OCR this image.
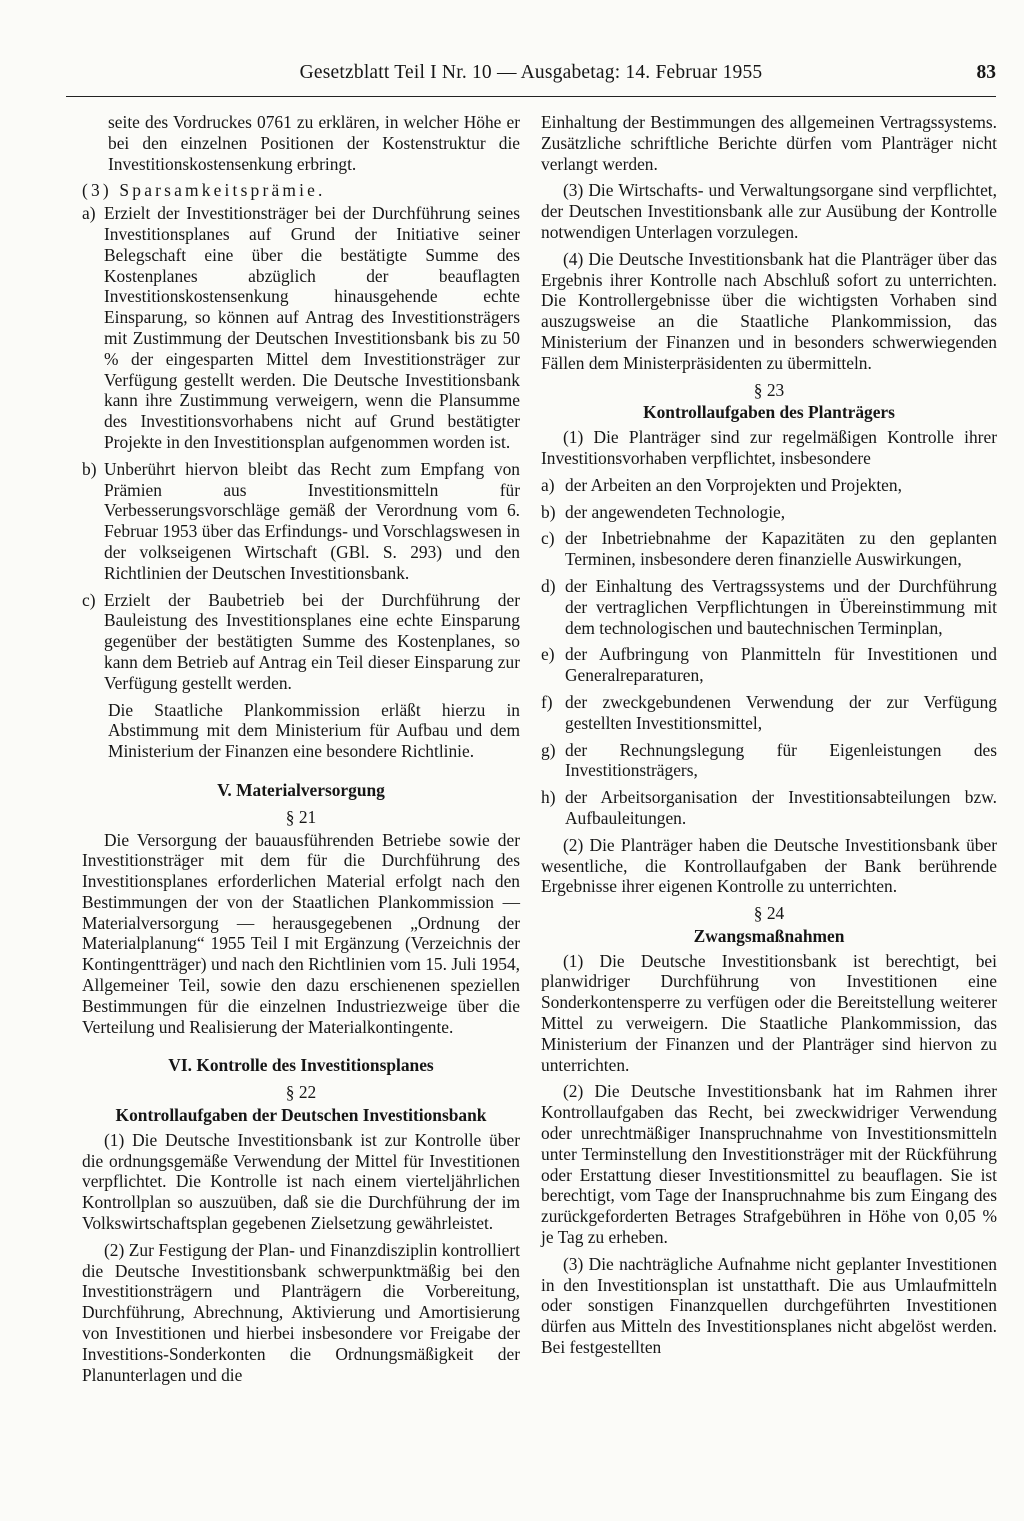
Gesetzblatt Teil I Nr. 10 — Ausgabetag: 14. Februar 1955	83

seite des Vordruckes 0761 zu erklären, in welcher Höhe er bei den einzelnen Positionen der Kostenstruktur die Investitionskostensenkung erbringt.

(3) Sparsamkeitsprämie.

a) Erzielt der Investitionsträger bei der Durchführung seines Investitionsplanes auf Grund der Initiative seiner Belegschaft eine über die bestätigte Summe des Kostenplanes abzüglich der beauflagten Investitionskostensenkung hinausgehende echte Einsparung, so können auf Antrag des Investitionsträgers mit Zustimmung der Deutschen Investitionsbank bis zu 50 % der eingesparten Mittel dem Investitionsträger zur Verfügung gestellt werden. Die Deutsche Investitionsbank kann ihre Zustimmung verweigern, wenn die Plansumme des Investitionsvorhabens nicht auf Grund bestätigter Projekte in den Investitionsplan aufgenommen worden ist.
b) Unberührt hiervon bleibt das Recht zum Empfang von Prämien aus Investitionsmitteln für Verbesserungsvorschläge gemäß der Verordnung vom 6. Februar 1953 über das Erfindungs- und Vorschlagswesen in der volkseigenen Wirtschaft (GBl. S. 293) und den Richtlinien der Deutschen Investitionsbank.
c) Erzielt der Baubetrieb bei der Durchführung der Bauleistung des Investitionsplanes eine echte Einsparung gegenüber der bestätigten Summe des Kostenplanes, so kann dem Betrieb auf Antrag ein Teil dieser Einsparung zur Verfügung gestellt werden.

Die Staatliche Plankommission erläßt hierzu in Abstimmung mit dem Ministerium für Aufbau und dem Ministerium der Finanzen eine besondere Richtlinie.

V. Materialversorgung
§ 21

Die Versorgung der bauausführenden Betriebe sowie der Investitionsträger mit dem für die Durchführung des Investitionsplanes erforderlichen Material erfolgt nach den Bestimmungen der von der Staatlichen Plankommission — Materialversorgung — herausgegebenen „Ordnung der Materialplanung“ 1955 Teil I mit Ergänzung (Verzeichnis der Kontingentträger) und nach den Richtlinien vom 15. Juli 1954, Allgemeiner Teil, sowie den dazu erschienenen speziellen Bestimmungen für die einzelnen Industriezweige über die Verteilung und Realisierung der Materialkontingente.

VI. Kontrolle des Investitionsplanes
§ 22
Kontrollaufgaben der Deutschen Investitionsbank

(1) Die Deutsche Investitionsbank ist zur Kontrolle über die ordnungsgemäße Verwendung der Mittel für Investitionen verpflichtet. Die Kontrolle ist nach einem vierteljährlichen Kontrollplan so auszuüben, daß sie die Durchführung der im Volkswirtschaftsplan gegebenen Zielsetzung gewährleistet.

(2) Zur Festigung der Plan- und Finanzdisziplin kontrolliert die Deutsche Investitionsbank schwerpunktmäßig bei den Investitionsträgern und Planträgern die Vorbereitung, Durchführung, Abrechnung, Aktivierung und Amortisierung von Investitionen und hierbei insbesondere vor Freigabe der Investitions-Sonderkonten die Ordnungsmäßigkeit der Planunterlagen und die

Einhaltung der Bestimmungen des allgemeinen Vertragssystems. Zusätzliche schriftliche Berichte dürfen vom Planträger nicht verlangt werden.

(3) Die Wirtschafts- und Verwaltungsorgane sind verpflichtet, der Deutschen Investitionsbank alle zur Ausübung der Kontrolle notwendigen Unterlagen vorzulegen.

(4) Die Deutsche Investitionsbank hat die Planträger über das Ergebnis ihrer Kontrolle nach Abschluß sofort zu unterrichten. Die Kontrollergebnisse über die wichtigsten Vorhaben sind auszugsweise an die Staatliche Plankommission, das Ministerium der Finanzen und in besonders schwerwiegenden Fällen dem Ministerpräsidenten zu übermitteln.

§ 23
Kontrollaufgaben des Planträgers

(1) Die Planträger sind zur regelmäßigen Kontrolle ihrer Investitionsvorhaben verpflichtet, insbesondere

a) der Arbeiten an den Vorprojekten und Projekten,
b) der angewendeten Technologie,
c) der Inbetriebnahme der Kapazitäten zu den geplanten Terminen, insbesondere deren finanzielle Auswirkungen,
d) der Einhaltung des Vertragssystems und der Durchführung der vertraglichen Verpflichtungen in Übereinstimmung mit dem technologischen und bautechnischen Terminplan,
e) der Aufbringung von Planmitteln für Investitionen und Generalreparaturen,
f) der zweckgebundenen Verwendung der zur Verfügung gestellten Investitionsmittel,
g) der Rechnungslegung für Eigenleistungen des Investitionsträgers,
h) der Arbeitsorganisation der Investitionsabteilungen bzw. Aufbauleitungen.

(2) Die Planträger haben die Deutsche Investitionsbank über wesentliche, die Kontrollaufgaben der Bank berührende Ergebnisse ihrer eigenen Kontrolle zu unterrichten.

§ 24
Zwangsmaßnahmen

(1) Die Deutsche Investitionsbank ist berechtigt, bei planwidriger Durchführung von Investitionen eine Sonderkontensperre zu verfügen oder die Bereitstellung weiterer Mittel zu verweigern. Die Staatliche Plankommission, das Ministerium der Finanzen und der Planträger sind hiervon zu unterrichten.

(2) Die Deutsche Investitionsbank hat im Rahmen ihrer Kontrollaufgaben das Recht, bei zweckwidriger Verwendung oder unrechtmäßiger Inanspruchnahme von Investitionsmitteln unter Terminstellung den Investitionsträger mit der Rückführung oder Erstattung dieser Investitionsmittel zu beauflagen. Sie ist berechtigt, vom Tage der Inanspruchnahme bis zum Eingang des zurückgeforderten Betrages Strafgebühren in Höhe von 0,05 % je Tag zu erheben.

(3) Die nachträgliche Aufnahme nicht geplanter Investitionen in den Investitionsplan ist unstatthaft. Die aus Umlaufmitteln oder sonstigen Finanzquellen durchgeführten Investitionen dürfen aus Mitteln des Investitionsplanes nicht abgelöst werden. Bei festgestellten
